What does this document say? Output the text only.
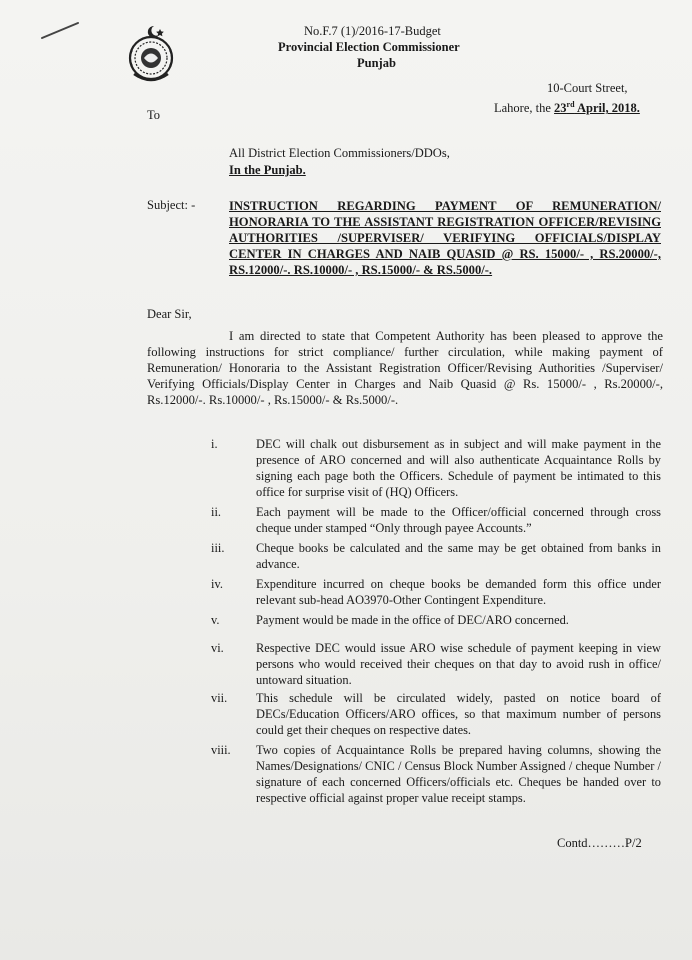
No.F.7 (1)/2016-17-Budget
Provincial Election Commissioner
Punjab
10-Court Street,
Lahore, the 23rd April, 2018.
To
All District Election Commissioners/DDOs,
In the Punjab.
Subject: -	INSTRUCTION REGARDING PAYMENT OF REMUNERATION/ HONORARIA TO THE ASSISTANT REGISTRATION OFFICER/REVISING AUTHORITIES /SUPERVISER/ VERIFYING OFFICIALS/DISPLAY CENTER IN CHARGES AND NAIB QUASID @ RS. 15000/- , RS.20000/-, RS.12000/-. RS.10000/- , RS.15000/- & RS.5000/-.
Dear Sir,
I am directed to state that Competent Authority has been pleased to approve the following instructions for strict compliance/ further circulation, while making payment of Remuneration/ Honoraria to the Assistant Registration Officer/Revising Authorities /Superviser/ Verifying Officials/Display Center in Charges and Naib Quasid @ Rs. 15000/- , Rs.20000/-, Rs.12000/-. Rs.10000/- , Rs.15000/- & Rs.5000/-.
i.	DEC will chalk out disbursement as in subject and will make payment in the presence of ARO concerned and will also authenticate Acquaintance Rolls by signing each page both the Officers. Schedule of payment be intimated to this office for surprise visit of (HQ) Officers.
ii.	Each payment will be made to the Officer/official concerned through cross cheque under stamped “Only through payee Accounts.”
iii.	Cheque books be calculated and the same may be get obtained from banks in advance.
iv.	Expenditure incurred on cheque books be demanded form this office under relevant sub-head AO3970-Other Contingent Expenditure.
v.	Payment would be made in the office of DEC/ARO concerned.
vi.	Respective DEC would issue ARO wise schedule of payment keeping in view persons who would received their cheques on that day to avoid rush in office/ untoward situation.
vii.	This schedule will be circulated widely, pasted on notice board of DECs/Education Officers/ARO offices, so that maximum number of persons could get their cheques on respective dates.
viii.	Two copies of Acquaintance Rolls be prepared having columns, showing the Names/Designations/ CNIC / Census Block Number Assigned / cheque Number / signature of each concerned Officers/officials etc. Cheques be handed over to respective official against proper value receipt stamps.
Contd………P/2
